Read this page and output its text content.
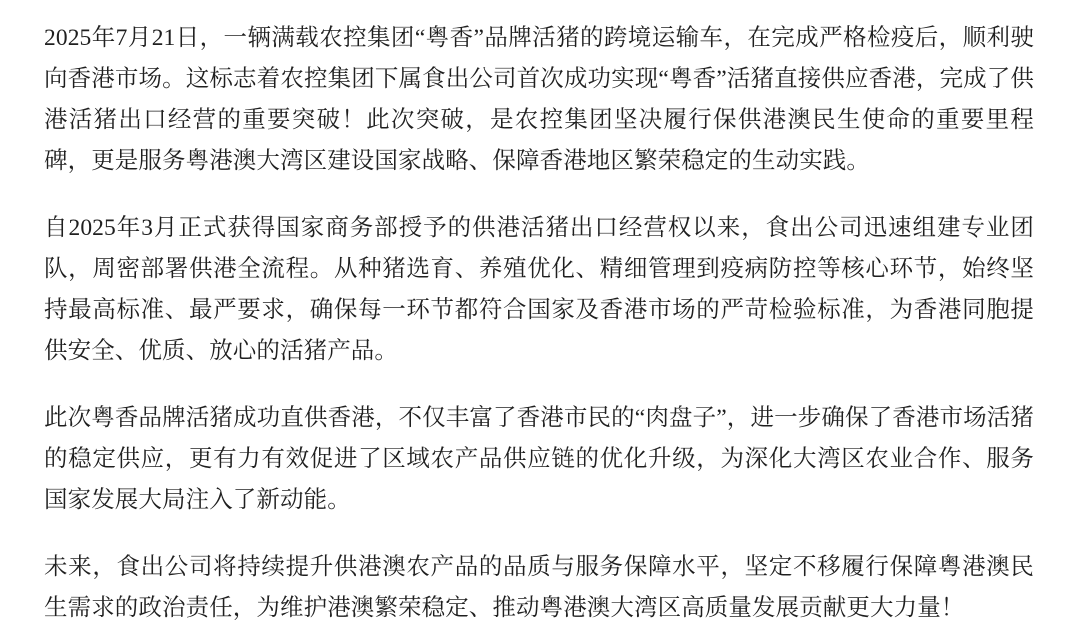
2025年7月21日，一辆满载农控集团“粤香”品牌活猪的跨境运输车，在完成严格检疫后，顺利驶向香港市场。这标志着农控集团下属食出公司首次成功实现“粤香”活猪直接供应香港，完成了供港活猪出口经营的重要突破！此次突破，是农控集团坚决履行保供港澳民生使命的重要里程碑，更是服务粤港澳大湾区建设国家战略、保障香港地区繁荣稳定的生动实践。

自2025年3月正式获得国家商务部授予的供港活猪出口经营权以来，食出公司迅速组建专业团队，周密部署供港全流程。从种猪选育、养殖优化、精细管理到疫病防控等核心环节，始终坚持最高标准、最严要求，确保每一环节都符合国家及香港市场的严苛检验标准，为香港同胞提供安全、优质、放心的活猪产品。

此次粤香品牌活猪成功直供香港，不仅丰富了香港市民的“肉盘子”，进一步确保了香港市场活猪的稳定供应，更有力有效促进了区域农产品供应链的优化升级，为深化大湾区农业合作、服务国家发展大局注入了新动能。

未来，食出公司将持续提升供港澳农产品的品质与服务保障水平，坚定不移履行保障粤港澳民生需求的政治责任，为维护港澳繁荣稳定、推动粤港澳大湾区高质量发展贡献更大力量！
